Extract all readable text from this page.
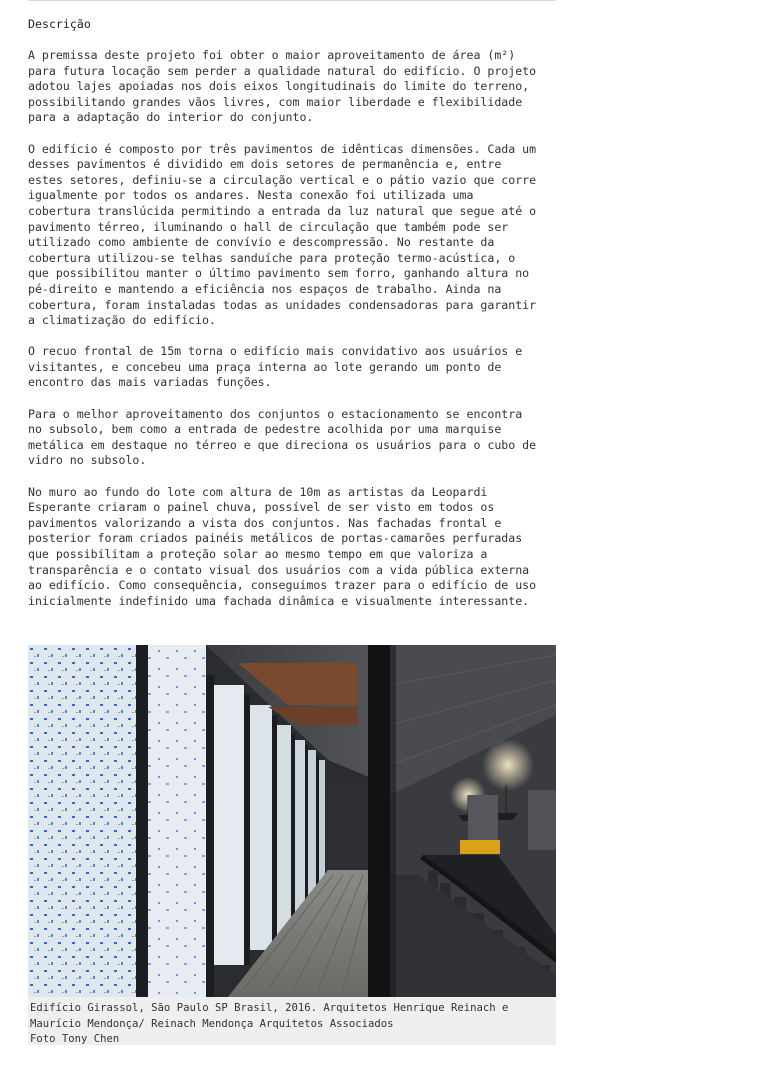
Descrição

A premissa deste projeto foi obter o maior aproveitamento de área (m²)
para futura locação sem perder a qualidade natural do edifício. O projeto
adotou lajes apoiadas nos dois eixos longitudinais do limite do terreno,
possibilitando grandes vãos livres, com maior liberdade e flexibilidade
para a adaptação do interior do conjunto.

O edifício é composto por três pavimentos de idênticas dimensões. Cada um
desses pavimentos é dividido em dois setores de permanência e, entre
estes setores, definiu-se a circulação vertical e o pátio vazio que corre
igualmente por todos os andares. Nesta conexão foi utilizada uma
cobertura translúcida permitindo a entrada da luz natural que segue até o
pavimento térreo, iluminando o hall de circulação que também pode ser
utilizado como ambiente de convívio e descompressão. No restante da
cobertura utilizou-se telhas sanduíche para proteção termo-acústica, o
que possibilitou manter o último pavimento sem forro, ganhando altura no
pé-direito e mantendo a eficiência nos espaços de trabalho. Ainda na
cobertura, foram instaladas todas as unidades condensadoras para garantir
a climatização do edifício.

O recuo frontal de 15m torna o edifício mais convidativo aos usuários e
visitantes, e concebeu uma praça interna ao lote gerando um ponto de
encontro das mais variadas funções.

Para o melhor aproveitamento dos conjuntos o estacionamento se encontra
no subsolo, bem como a entrada de pedestre acolhida por uma marquise
metálica em destaque no térreo e que direciona os usuários para o cubo de
vidro no subsolo.

No muro ao fundo do lote com altura de 10m as artistas da Leopardi
Esperante criaram o painel chuva, possível de ser visto em todos os
pavimentos valorizando a vista dos conjuntos. Nas fachadas frontal e
posterior foram criados painéis metálicos de portas-camarões perfuradas
que possibilitam a proteção solar ao mesmo tempo em que valoriza a
transparência e o contato visual dos usuários com a vida pública externa
ao edifício. Como consequência, conseguimos trazer para o edifício de uso
inicialmente indefinido uma fachada dinâmica e visualmente interessante.

Edifício Girassol, São Paulo SP Brasil, 2016. Arquitetos Henrique Reinach e
Maurício Mendonça/ Reinach Mendonça Arquitetos Associados
Foto Tony Chen
